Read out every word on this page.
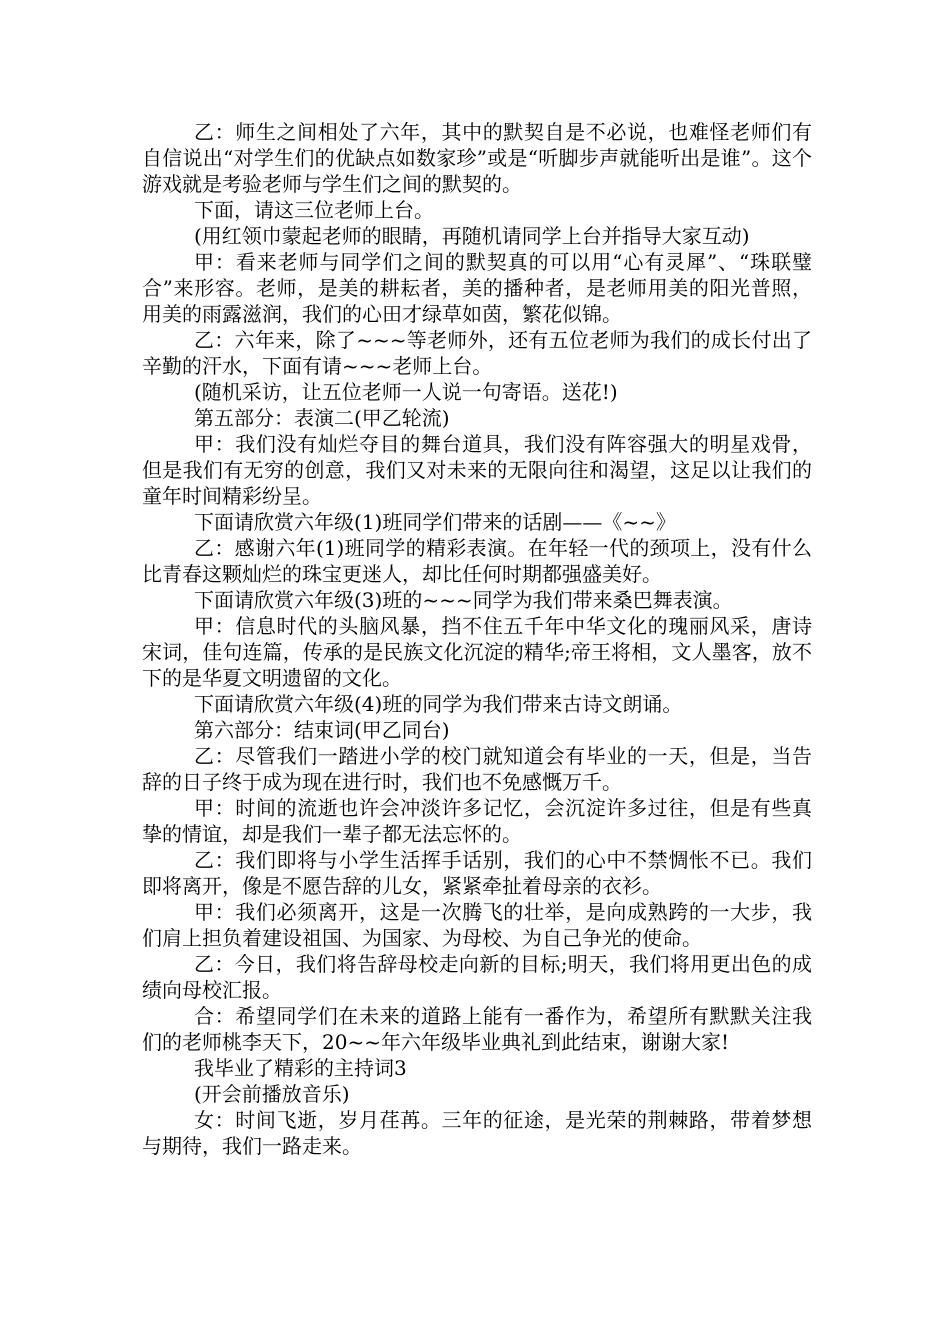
乙：师生之间相处了六年，其中的默契自是不必说，也难怪老师们有自信说出“对学生们的优缺点如数家珍”或是“听脚步声就能听出是谁”。这个游戏就是考验老师与学生们之间的默契的。

下面，请这三位老师上台。

(用红领巾蒙起老师的眼睛，再随机请同学上台并指导大家互动)

甲：看来老师与同学们之间的默契真的可以用“心有灵犀”、“珠联璧合”来形容。老师，是美的耕耘者，美的播种者，是老师用美的阳光普照，用美的雨露滋润，我们的心田才绿草如茵，繁花似锦。

乙：六年来，除了~~~等老师外，还有五位老师为我们的成长付出了辛勤的汗水，下面有请~~~老师上台。

(随机采访，让五位老师一人说一句寄语。送花!)

第五部分：表演二(甲乙轮流)

甲：我们没有灿烂夺目的舞台道具，我们没有阵容强大的明星戏骨，但是我们有无穷的创意，我们又对未来的无限向往和渴望，这足以让我们的童年时间精彩纷呈。

下面请欣赏六年级(1)班同学们带来的话剧——《~~》

乙：感谢六年(1)班同学的精彩表演。在年轻一代的颈项上，没有什么比青春这颗灿烂的珠宝更迷人，却比任何时期都强盛美好。

下面请欣赏六年级(3)班的~~~同学为我们带来桑巴舞表演。

甲：信息时代的头脑风暴，挡不住五千年中华文化的瑰丽风采，唐诗宋词，佳句连篇，传承的是民族文化沉淀的精华;帝王将相，文人墨客，放不下的是华夏文明遗留的文化。

下面请欣赏六年级(4)班的同学为我们带来古诗文朗诵。

第六部分：结束词(甲乙同台)

乙：尽管我们一踏进小学的校门就知道会有毕业的一天，但是，当告辞的日子终于成为现在进行时，我们也不免感慨万千。

甲：时间的流逝也许会冲淡许多记忆，会沉淀许多过往，但是有些真挚的情谊，却是我们一辈子都无法忘怀的。

乙：我们即将与小学生活挥手话别，我们的心中不禁惆怅不已。我们即将离开，像是不愿告辞的儿女，紧紧牵扯着母亲的衣衫。

甲：我们必须离开，这是一次腾飞的壮举，是向成熟跨的一大步，我们肩上担负着建设祖国、为国家、为母校、为自己争光的使命。

乙：今日，我们将告辞母校走向新的目标;明天，我们将用更出色的成绩向母校汇报。

合：希望同学们在未来的道路上能有一番作为，希望所有默默关注我们的老师桃李天下，20~~年六年级毕业典礼到此结束，谢谢大家!

我毕业了精彩的主持词3

(开会前播放音乐)

女：时间飞逝，岁月荏苒。三年的征途，是光荣的荆棘路，带着梦想与期待，我们一路走来。
